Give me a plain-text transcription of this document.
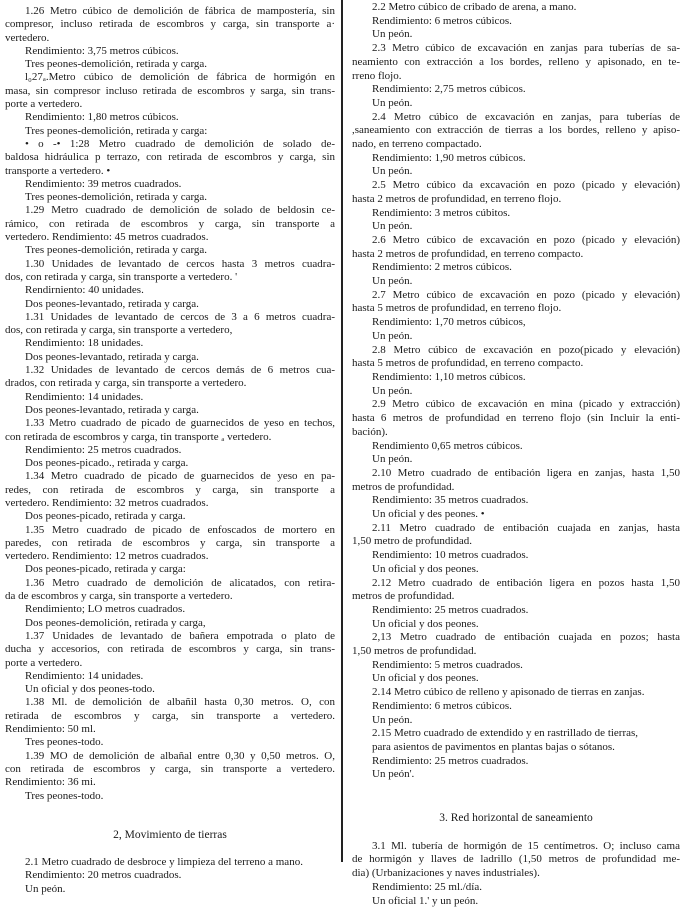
1.26 Metro cúbico de demolición de fábrica de mampostería, sin
compresor, incluso retirada de escombros y carga, sin transporte a·
vertedero.
Rendimiento: 3,75 metros cúbicos.
Tres peones-demolición, retirada y carga.
l₀27ₐ.Metro cúbico de demolición de fábrica de hormigón en
masa, sin compresor incluso retirada de escombros y sarga, sin trans-
porte a vertedero.
Rendimiento: 1,80 metros cúbicos.
Tres peones-demolición, retirada y carga:
• o -• 1:28 Metro cuadrado de demolición de solado de-
baldosa hidráulica p terrazo, con retirada de escombros y carga, sin
transporte a vertedero. •
Rendimiento: 39 metros cuadrados.
Tres peones-demolición, retirada y carga.
1.29 Metro cuadrado de demolición de solado de beldosin ce-
rámico, con retirada de escombros y carga, sin transporte a
vertedero. Rendimiento: 45 metros cuadrados.
Tres peones-demolición, retirada y carga.
1.30 Unidades de levantado de cercos hasta 3 metros cuadra-
dos, con retirada y carga, sin transporte a vertedero. '
Rendirniento: 40 unidades.
Dos peones-levantado, retirada y carga.
1.31 Unidades de levantado de cercos de 3 a 6 metros cuadra-
dos, con retirada y carga, sin transporte a vertedero,
Rendimiento: 18 unidades.
Dos peones-levantado, retirada y carga.
1.32 Unidades de levantado de cercos demás de 6 metros cua-
drados, con retirada y carga, sin transporte a vertedero.
Rendimiento: 14 unidades.
Dos peones-levantado, retirada y carga.
1.33 Metro cuadrado de picado de guarnecidos de yeso en techos,
con retirada de escombros y carga, tin transporte ₐ vertedero.
Rendimiento: 25 metros cuadrados.
Dos peones-picado., retirada y carga.
1.34 Metro cuadrado de picado de guarnecidos de yeso en pa-
redes, con retirada de escombros y carga, sin transporte a
vertedero. Rendimiento: 32 metros cuadrados.
Dos peones-picado, retirada y carga.
1.35 Metro cuadrado de picado de enfoscados de mortero en
paredes, con retirada de escombros y carga, sin transporte a
vertedero. Rendimiento: 12 metros cuadrados.
Dos peones-picado, retirada y carga:
1.36 Metro cuadrado de demolición de alicatados, con retira-
da de escombros y carga, sin transporte a vertedero.
Rendimiento; LO metros cuadrados.
Dos peones-demolición, retirada y carga,
1.37 Unidades de levantado de bañera empotrada o plato de
ducha y accesorios, con retirada de escombros y carga, sin trans-
porte a vertedero.
Rendimiento: 14 unidades.
Un oficial y dos peones-todo.
1.38 Ml. de demolición de albañil hasta 0,30 metros. O, con
retirada de escombros y carga, sin transporte a vertedero.
Rendimiento: 50 ml.
Tres peones-todo.
1.39 MO de demolición de albañal entre 0,30 y 0,50 metros. O,
con retirada de escombros y carga, sin transporte a vertedero.
Rendimiento: 36 mi.
Tres peones-todo.
2, Movimiento de tierras
2.1 Metro cuadrado de desbroce y limpieza del terreno a mano.
Rendimiento: 20 metros cuadrados.
Un peón.
2.2 Metro cúbico de cribado de arena, a mano.
Rendimiento: 6 metros cúbicos.
Un peón.
2.3 Metro cúbico de excavación en zanjas para tuberías de sa-
neamiento con extracción a los bordes, relleno y apisonado, en te-
rreno flojo.
Rendimiento: 2,75 metros cúbicos.
Un peón.
2.4 Metro cúbico de excavación en zanjas, para tuberías de
,saneamiento con extracción de tierras a los bordes, relleno y apiso-
nado, en terreno compactado.
Rendimiento: 1,90 metros cúbicos.
Un peón.
2.5 Metro cúbico da excavación en pozo (picado y elevación)
hasta 2 metros de profundidad, en terreno flojo.
Rendimiento: 3 metros cúbitos.
Un peón.
2.6 Metro cúbico de excavación en pozo (picado y elevación)
hasta 2 metros de profundidad, en terreno compacto.
Rendimiento: 2 metros cúbicos.
Un peón.
2.7 Metro cúbico de excavación en pozo (picado y elevación)
hasta 5 metros de profundidad, en terreno flojo.
Rendimiento: 1,70 metros cúbicos,
Un peón.
2.8 Metro cúbico de excavación en pozo(picado y elevación)
hasta 5 metros de profundidad, en terreno compacto.
Rendimiento: 1,10 metros cúbicos.
Un peón.
2.9 Metro cúbico de excavación en mina (picado y extracción)
hasta 6 metros de profundidad en terreno flojo (sin Incluir la enti-
bación).
Rendimiento 0,65 metros cúbicos.
Un peón.
2.10 Metro cuadrado de entibación ligera en zanjas, hasta 1,50
metros de profundidad.
Rendimiento: 35 metros cuadrados.
Un oficial y des peones. •
2.11 Metro cuadrado de entibación cuajada en zanjas, hasta
1,50 metro de profundidad.
Rendimiento: 10 metros cuadrados.
Un oficial y dos peones.
2.12 Metro cuadrado de entibación ligera en pozos hasta 1,50
metros de profundidad.
Rendimiento: 25 metros cuadrados.
Un oficial y dos peones.
2,13 Metro cuadrado de entibación cuajada en pozos; hasta
1,50 metros de profundidad.
Rendimiento: 5 metros cuadrados.
Un oficial y dos peones.
2.14 Metro cúbico de relleno y apisonado de tierras en zanjas.
Rendimiento: 6 metros cúbicos.
Un peón.
2.15 Metro cuadrado de extendido y en rastrillado de tierras,
para asientos de pavimentos en plantas bajas o sótanos.
Rendimiento: 25 metros cuadrados.
Un peón'.
3. Red horizontal de saneamiento
3.1 Ml. tubería de hormigón de 15 centímetros. O; incluso cama
de hormigón y llaves de ladrillo (1,50 metros de profundidad me-
dia) (Urbanizaciones y naves industriales).
Rendimiento: 25 ml./día.
Un oficial 1.' y un peón.
